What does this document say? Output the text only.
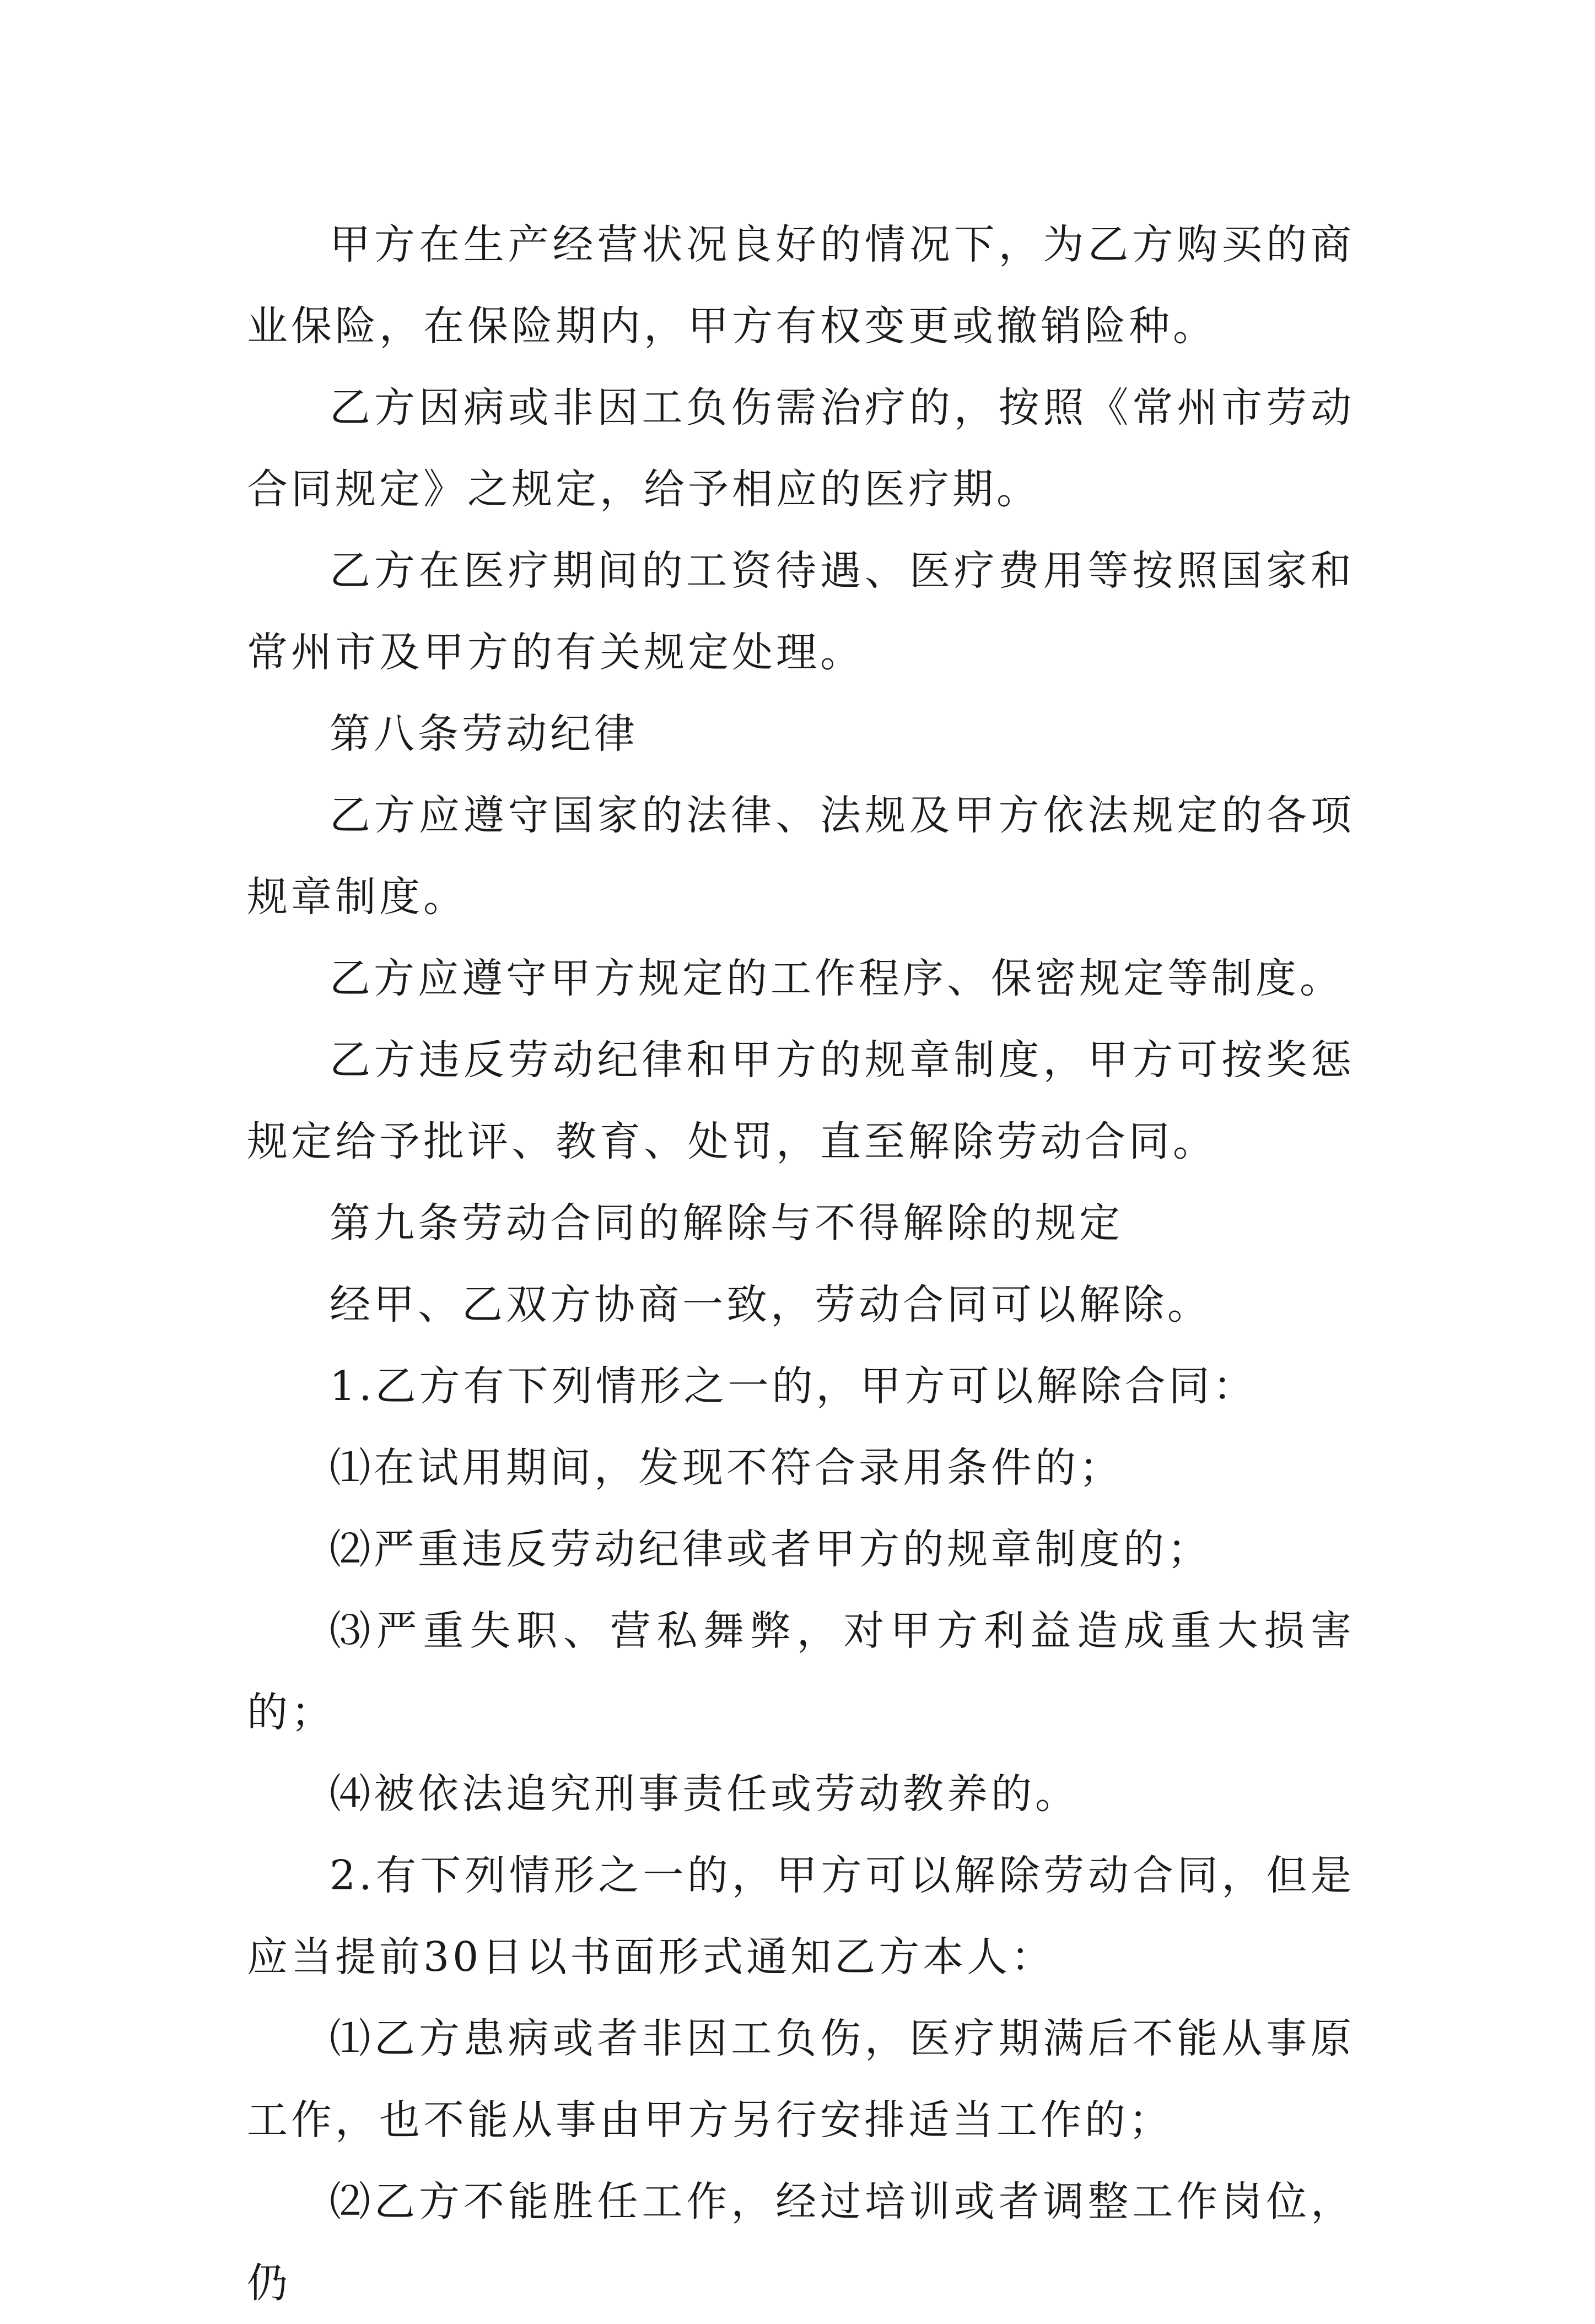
甲方在生产经营状况良好的情况下，为乙方购买的商业保险，在保险期内，甲方有权变更或撤销险种。

乙方因病或非因工负伤需治疗的，按照《常州市劳动合同规定》之规定，给予相应的医疗期。

乙方在医疗期间的工资待遇、医疗费用等按照国家和常州市及甲方的有关规定处理。

第八条劳动纪律

乙方应遵守国家的法律、法规及甲方依法规定的各项规章制度。

乙方应遵守甲方规定的工作程序、保密规定等制度。

乙方违反劳动纪律和甲方的规章制度，甲方可按奖惩规定给予批评、教育、处罚，直至解除劳动合同。

第九条劳动合同的解除与不得解除的规定

经甲、乙双方协商一致，劳动合同可以解除。

1.乙方有下列情形之一的，甲方可以解除合同：

⑴在试用期间，发现不符合录用条件的；

⑵严重违反劳动纪律或者甲方的规章制度的；

⑶严重失职、营私舞弊，对甲方利益造成重大损害的；

⑷被依法追究刑事责任或劳动教养的。

2.有下列情形之一的，甲方可以解除劳动合同，但是应当提前30日以书面形式通知乙方本人：

⑴乙方患病或者非因工负伤，医疗期满后不能从事原工作，也不能从事由甲方另行安排适当工作的；

⑵乙方不能胜任工作，经过培训或者调整工作岗位，仍
